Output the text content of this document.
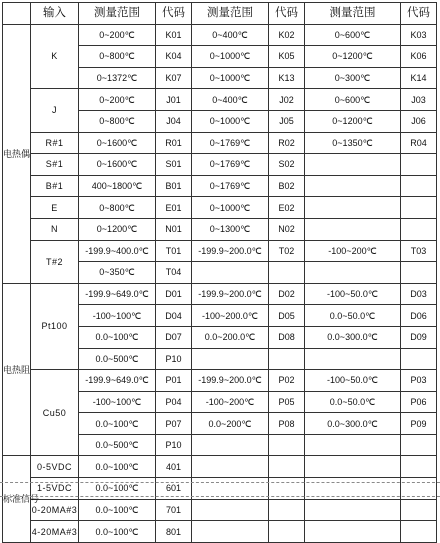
	输入	测量范围	代码	测量范围	代码	测量范围	代码
电热偶	K	0~200℃	K01	0~400℃	K02	0~600℃	K03
		0~800℃	K04	0~1000℃	K05	0~1200℃	K06
		0~1372℃	K07	0~1000℃	K13	0~300℃	K14
	J	0~200℃	J01	0~400℃	J02	0~600℃	J03
		0~800℃	J04	0~1000℃	J05	0~1200℃	J06
	R#1	0~1600℃	R01	0~1769℃	R02	0~1350℃	R04
	S#1	0~1600℃	S01	0~1769℃	S02		
	B#1	400~1800℃	B01	0~1769℃	B02		
	E	0~800℃	E01	0~1000℃	E02		
	N	0~1200℃	N01	0~1300℃	N02		
	T#2	-199.9~400.0℃	T01	-199.9~200.0℃	T02	-100~200℃	T03
		0~350℃	T04				
电热阻	Pt100	-199.9~649.0℃	D01	-199.9~200.0℃	D02	-100~50.0℃	D03
		-100~100℃	D04	-100~200.0℃	D05	0.0~50.0℃	D06
		0.0~100℃	D07	0.0~200.0℃	D08	0.0~300.0℃	D09
		0.0~500℃	P10				
	Cu50	-199.9~649.0℃	P01	-199.9~200.0℃	P02	-100~50.0℃	P03
		-100~100℃	P04	-100~200℃	P05	0.0~50.0℃	P06
		0.0~100℃	P07	0.0~200℃	P08	0.0~300.0℃	P09
		0.0~500℃	P10				
标准信号	0-5VDC	0.0~100℃	401				
	1-5VDC	0.0~100℃	601				
	0-20MA#3	0.0~100℃	701				
	4-20MA#3	0.0~100℃	801				
